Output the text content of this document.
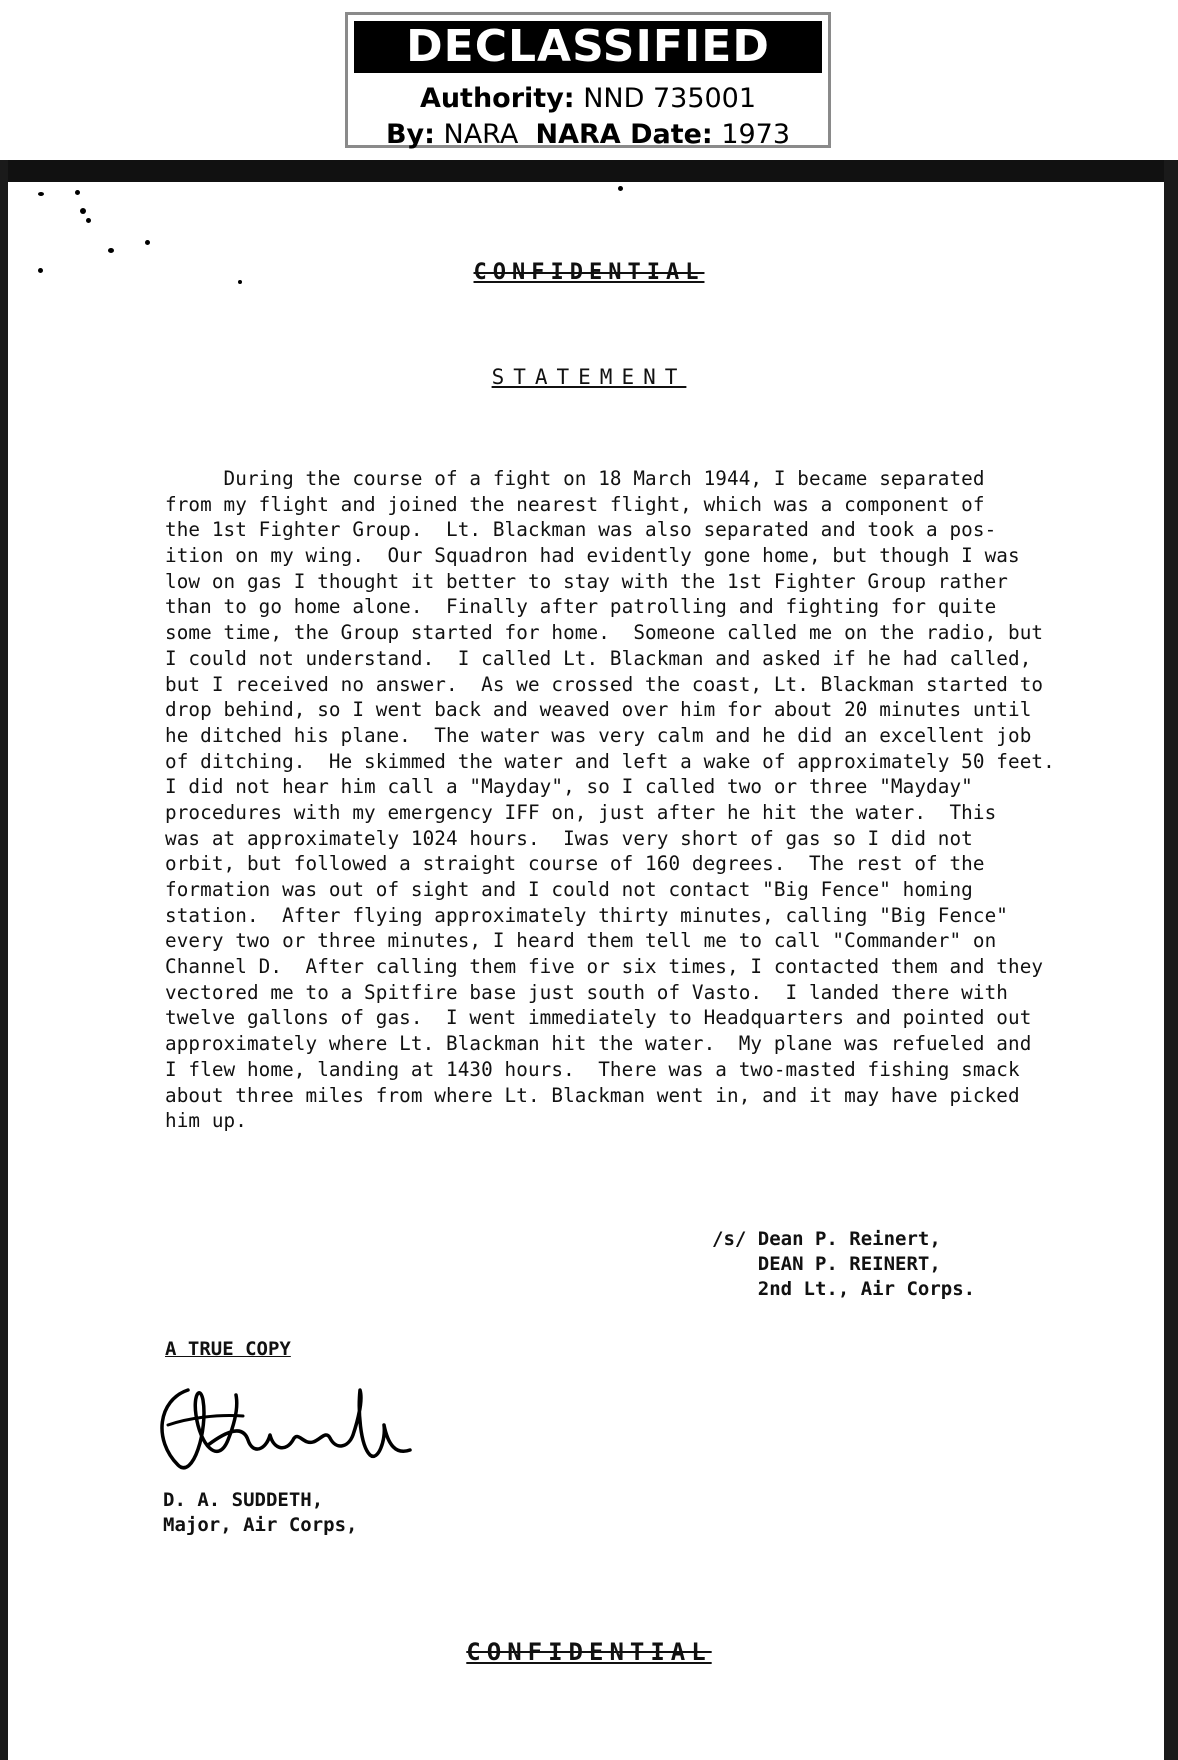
DECLASSIFIED
Authority: NND 735001
By: NARA NARA Date: 1973
CONFIDENTIAL
STATEMENT
During the course of a fight on 18 March 1944, I became separated
from my flight and joined the nearest flight, which was a component of
the 1st Fighter Group.  Lt. Blackman was also separated and took a pos-
ition on my wing.  Our Squadron had evidently gone home, but though I was
low on gas I thought it better to stay with the 1st Fighter Group rather
than to go home alone.  Finally after patrolling and fighting for quite
some time, the Group started for home.  Someone called me on the radio, but
I could not understand.  I called Lt. Blackman and asked if he had called,
but I received no answer.  As we crossed the coast, Lt. Blackman started to
drop behind, so I went back and weaved over him for about 20 minutes until
he ditched his plane.  The water was very calm and he did an excellent job
of ditching.  He skimmed the water and left a wake of approximately 50 feet.
I did not hear him call a "Mayday", so I called two or three "Mayday"
procedures with my emergency IFF on, just after he hit the water.  This
was at approximately 1024 hours.  Iwas very short of gas so I did not
orbit, but followed a straight course of 160 degrees.  The rest of the
formation was out of sight and I could not contact "Big Fence" homing
station.  After flying approximately thirty minutes, calling "Big Fence"
every two or three minutes, I heard them tell me to call "Commander" on
Channel D.  After calling them five or six times, I contacted them and they
vectored me to a Spitfire base just south of Vasto.  I landed there with
twelve gallons of gas.  I went immediately to Headquarters and pointed out
approximately where Lt. Blackman hit the water.  My plane was refueled and
I flew home, landing at 1430 hours.  There was a two-masted fishing smack
about three miles from where Lt. Blackman went in, and it may have picked
him up.
/s/ Dean P. Reinert,
DEAN P. REINERT,
2nd Lt., Air Corps.
A TRUE COPY
D. A. SUDDETH,
Major, Air Corps,
CONFIDENTIAL
